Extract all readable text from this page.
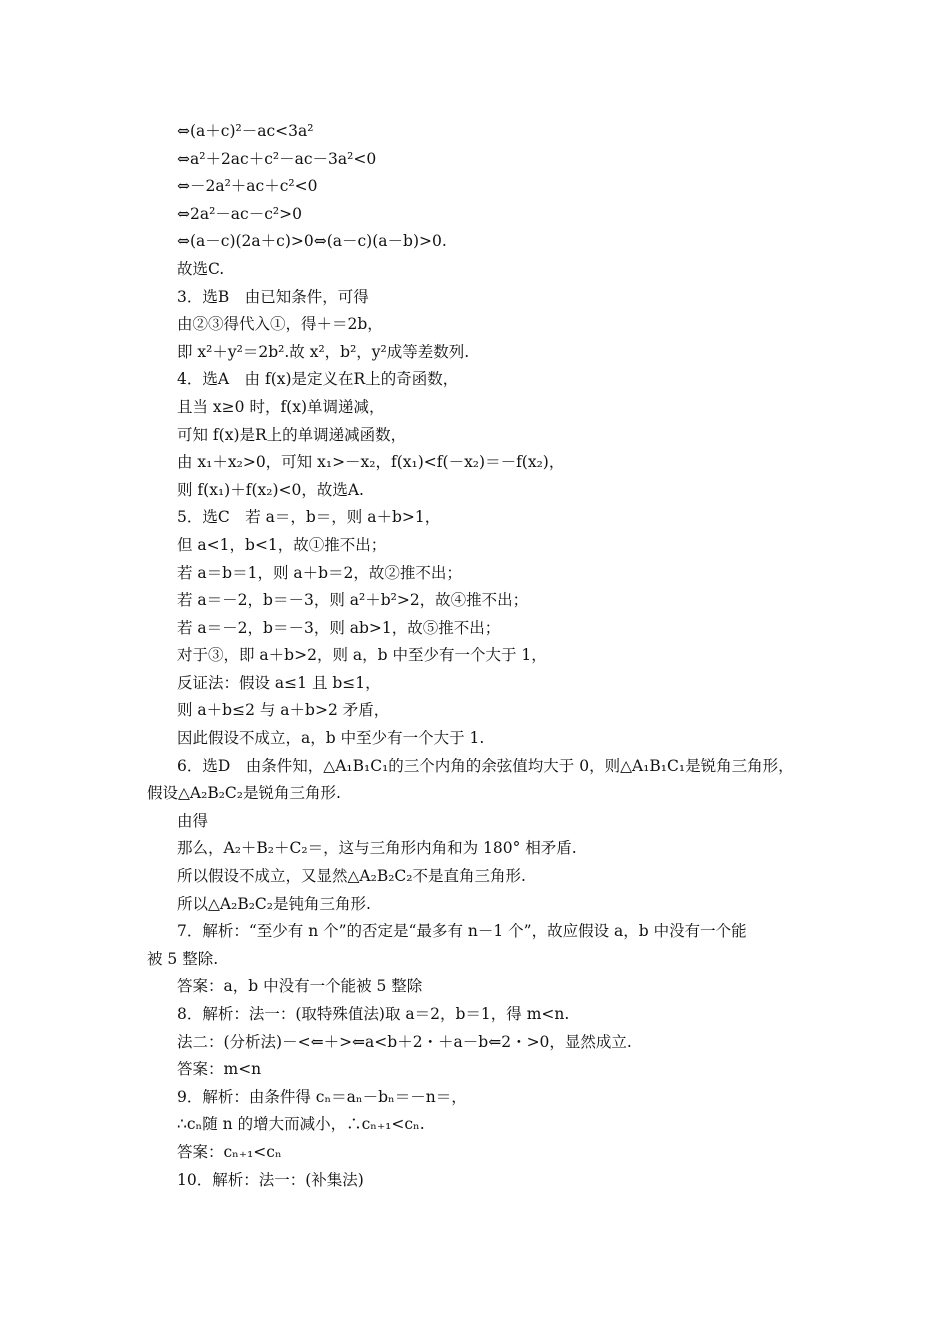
⇔(a＋c)²－ac<3a²
⇔a²＋2ac＋c²－ac－3a²<0
⇔－2a²＋ac＋c²<0
⇔2a²－ac－c²>0
⇔(a－c)(2a＋c)>0⇔(a－c)(a－b)>0.
故选C.
3．选B　由已知条件，可得
由②③得代入①，得＋＝2b，
即 x²＋y²＝2b².故 x²，b²，y²成等差数列.
4．选A　由 f(x)是定义在R上的奇函数，
且当 x≥0 时，f(x)单调递减，
可知 f(x)是R上的单调递减函数，
由 x₁＋x₂>0，可知 x₁>－x₂，f(x₁)<f(－x₂)＝－f(x₂)，
则 f(x₁)＋f(x₂)<0，故选A.
5．选C　若 a＝，b＝，则 a＋b>1，
但 a<1，b<1，故①推不出；
若 a＝b＝1，则 a＋b＝2，故②推不出；
若 a＝－2，b＝－3，则 a²＋b²>2，故④推不出；
若 a＝－2，b＝－3，则 ab>1，故⑤推不出；
对于③，即 a＋b>2，则 a，b 中至少有一个大于 1，
反证法：假设 a≤1 且 b≤1，
则 a＋b≤2 与 a＋b>2 矛盾，
因此假设不成立，a，b 中至少有一个大于 1.
6．选D　由条件知，△A₁B₁C₁的三个内角的余弦值均大于 0，则△A₁B₁C₁是锐角三角形，
假设△A₂B₂C₂是锐角三角形.
由得
那么，A₂＋B₂＋C₂＝，这与三角形内角和为 180° 相矛盾.
所以假设不成立，又显然△A₂B₂C₂不是直角三角形.
所以△A₂B₂C₂是钝角三角形.
7．解析：“至少有 n 个”的否定是“最多有 n－1 个”，故应假设 a，b 中没有一个能
被 5 整除.
答案：a，b 中没有一个能被 5 整除
8．解析：法一：(取特殊值法)取 a＝2，b＝1，得 m<n.
法二：(分析法)－<⇐＋>⇐a<b＋2・＋a－b⇐2・>0，显然成立.
答案：m<n
9．解析：由条件得 cₙ＝aₙ－bₙ＝－n＝，
∴cₙ随 n 的增大而减小，∴cₙ₊₁<cₙ.
答案：cₙ₊₁<cₙ
10．解析：法一：(补集法)
